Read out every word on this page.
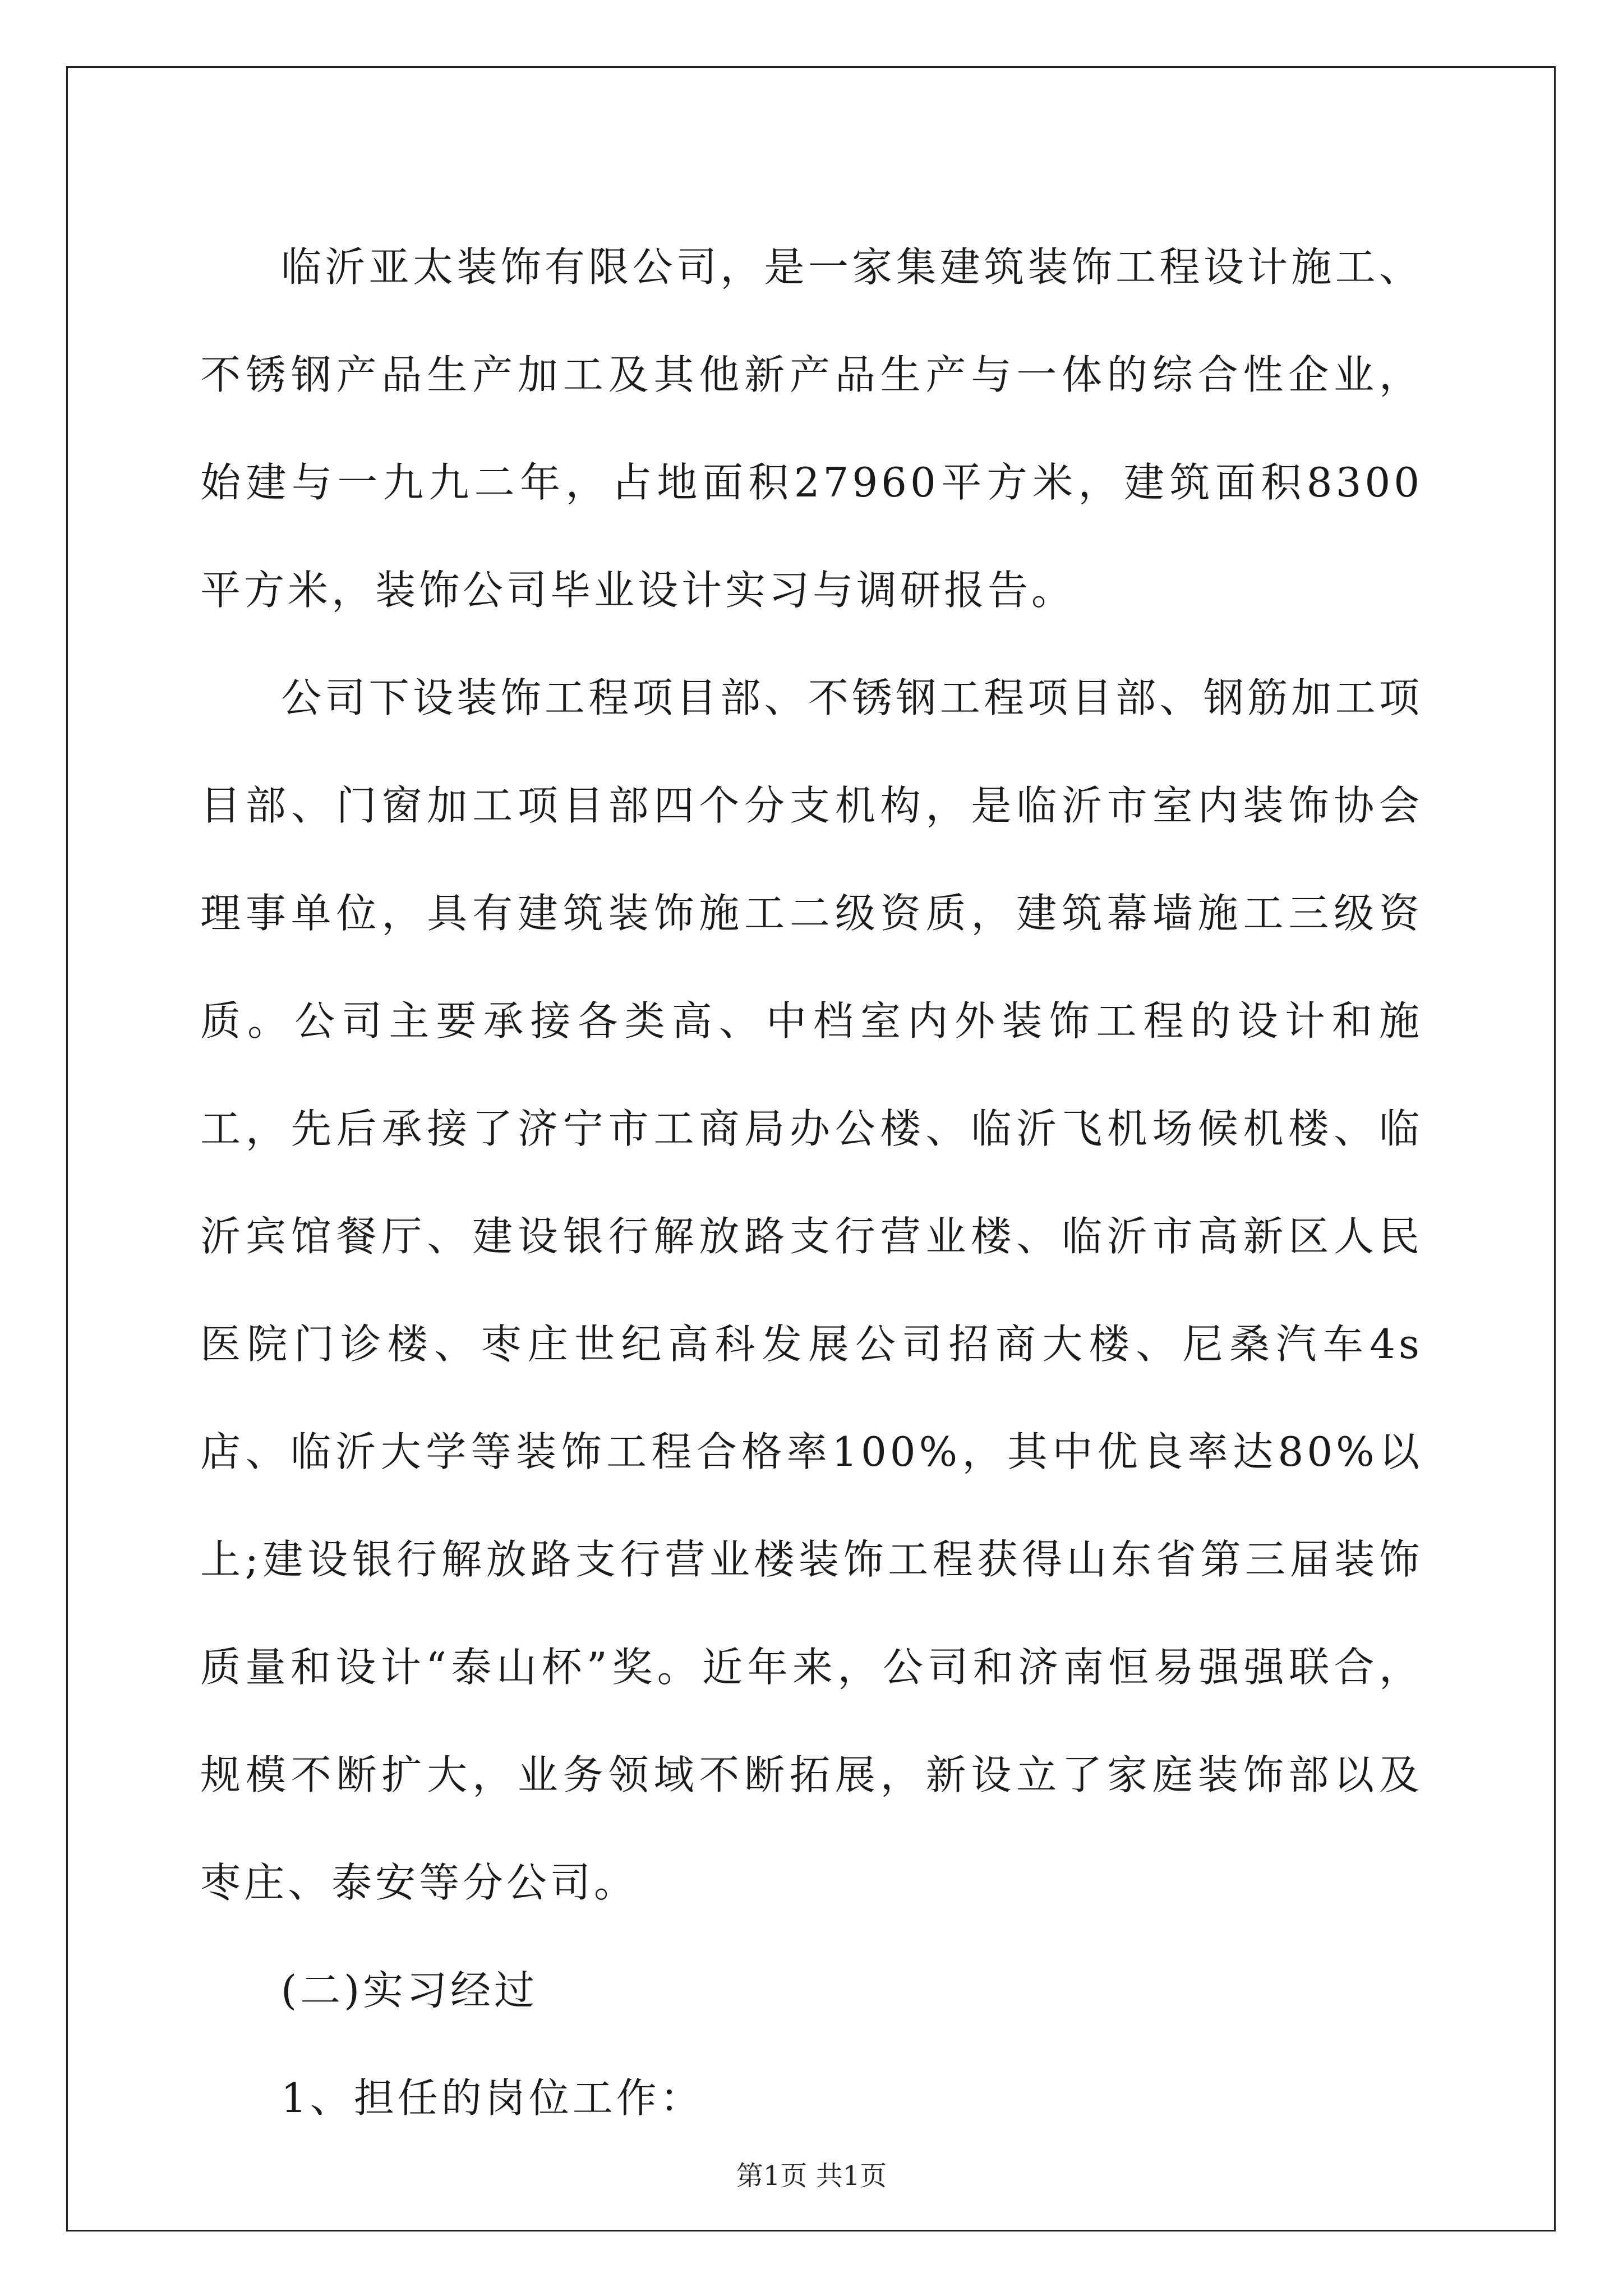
临沂亚太装饰有限公司，是一家集建筑装饰工程设计施工、不锈钢产品生产加工及其他新产品生产与一体的综合性企业，始建与一九九二年，占地面积27960平方米，建筑面积8300平方米，装饰公司毕业设计实习与调研报告。

公司下设装饰工程项目部、不锈钢工程项目部、钢筋加工项目部、门窗加工项目部四个分支机构，是临沂市室内装饰协会理事单位，具有建筑装饰施工二级资质，建筑幕墙施工三级资质。公司主要承接各类高、中档室内外装饰工程的设计和施工，先后承接了济宁市工商局办公楼、临沂飞机场候机楼、临沂宾馆餐厅、建设银行解放路支行营业楼、临沂市高新区人民医院门诊楼、枣庄世纪高科发展公司招商大楼、尼桑汽车4s店、临沂大学等装饰工程合格率100%，其中优良率达80%以上;建设银行解放路支行营业楼装饰工程获得山东省第三届装饰质量和设计“泰山杯”奖。近年来，公司和济南恒易强强联合，规模不断扩大，业务领域不断拓展，新设立了家庭装饰部以及枣庄、泰安等分公司。

(二)实习经过

1、担任的岗位工作：

第1页 共1页
